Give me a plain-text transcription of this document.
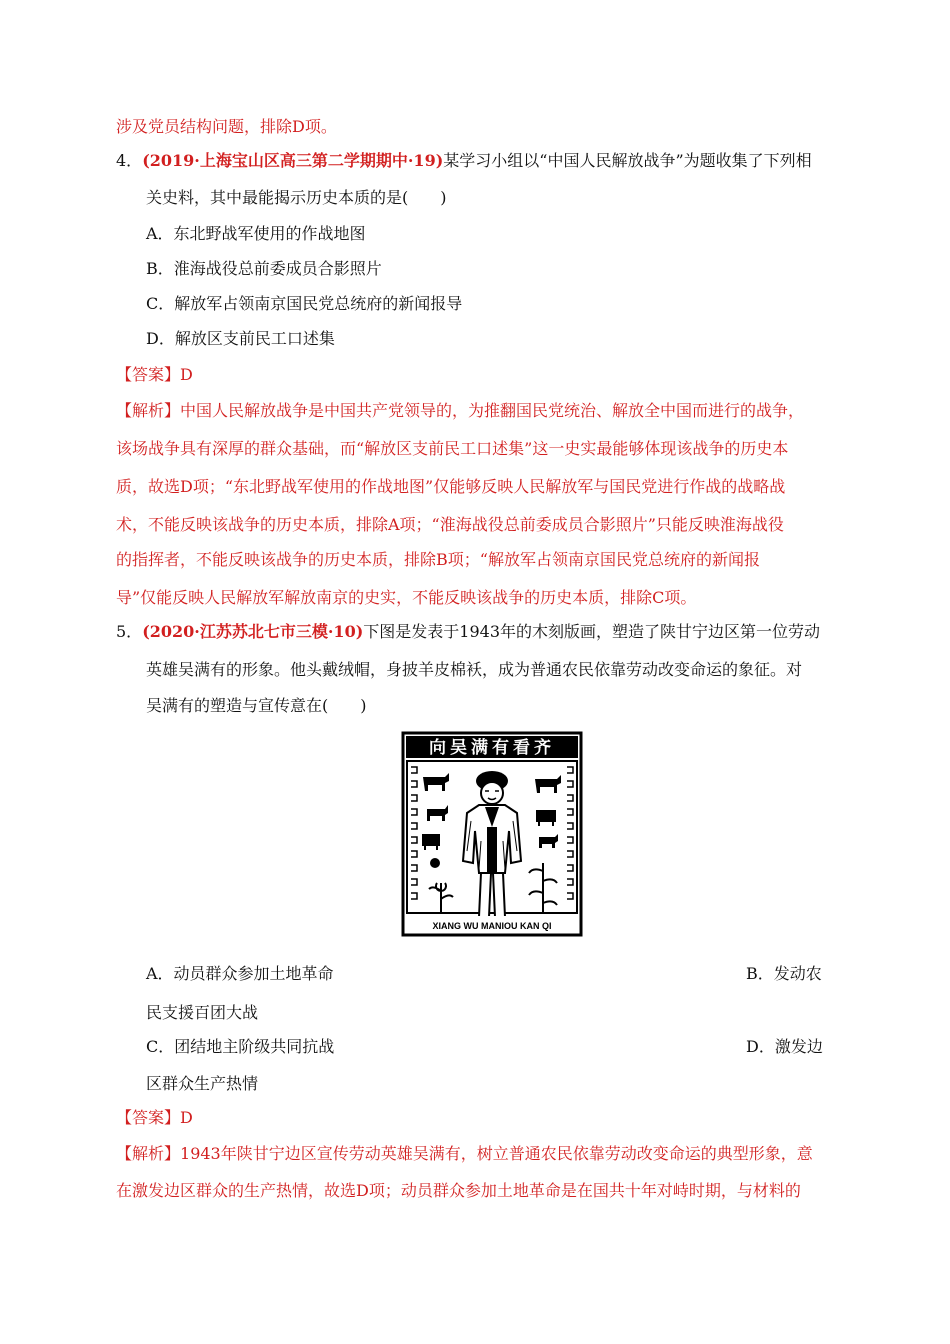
涉及党员结构问题，排除D项。
4．(2019·上海宝山区高三第二学期期中·19)某学习小组以“中国人民解放战争”为题收集了下列相
关史料，其中最能揭示历史本质的是(　　)
A．东北野战军使用的作战地图
B．淮海战役总前委成员合影照片
C．解放军占领南京国民党总统府的新闻报导
D．解放区支前民工口述集
【答案】D
【解析】中国人民解放战争是中国共产党领导的，为推翻国民党统治、解放全中国而进行的战争，
该场战争具有深厚的群众基础，而“解放区支前民工口述集”这一史实最能够体现该战争的历史本
质，故选D项；“东北野战军使用的作战地图”仅能够反映人民解放军与国民党进行作战的战略战
术，不能反映该战争的历史本质，排除A项；“淮海战役总前委成员合影照片”只能反映淮海战役
的指挥者，不能反映该战争的历史本质，排除B项；“解放军占领南京国民党总统府的新闻报
导”仅能反映人民解放军解放南京的史实，不能反映该战争的历史本质，排除C项。
5．(2020·江苏苏北七市三模·10)下图是发表于1943年的木刻版画，塑造了陕甘宁边区第一位劳动
英雄吴满有的形象。他头戴绒帽，身披羊皮棉袄，成为普通农民依靠劳动改变命运的象征。对
吴满有的塑造与宣传意在(　　)
向吴满有看齐
XIANG WU MANIOU KAN QI
A．动员群众参加土地革命	B．发动农
民支援百团大战
C．团结地主阶级共同抗战	D．激发边
区群众生产热情
【答案】D
【解析】1943年陕甘宁边区宣传劳动英雄吴满有，树立普通农民依靠劳动改变命运的典型形象，意
在激发边区群众的生产热情，故选D项；动员群众参加土地革命是在国共十年对峙时期，与材料的
